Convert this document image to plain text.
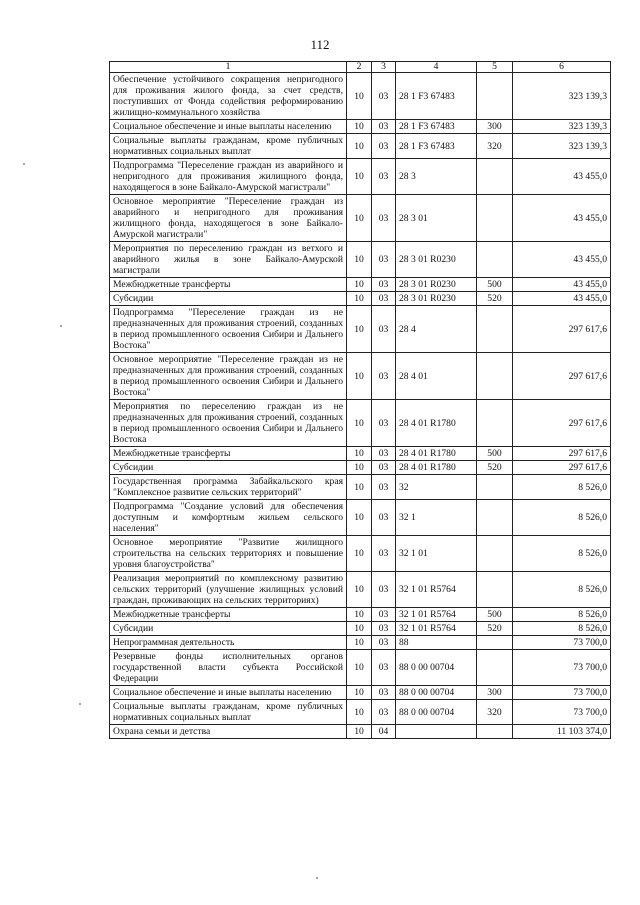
112
1	2	3	4	5	6
Обеспечение устойчивого сокращения непригодного для проживания жилого фонда, за счет средств, поступивших от Фонда содействия реформированию жилищно-коммунального хозяйства	10	03	28 1 F3 67483		323 139,3
Социальное обеспечение и иные выплаты населению	10	03	28 1 F3 67483	300	323 139,3
Социальные выплаты гражданам, кроме публичных нормативных социальных выплат	10	03	28 1 F3 67483	320	323 139,3
Подпрограмма "Переселение граждан из аварийного и непригодного для проживания жилищного фонда, находящегося в зоне Байкало-Амурской магистрали"	10	03	28 3		43 455,0
Основное мероприятие "Переселение граждан из аварийного и непригодного для проживания жилищного фонда, находящегося в зоне Байкало-Амурской магистрали"	10	03	28 3 01		43 455,0
Мероприятия по переселению граждан из ветхого и аварийного жилья в зоне Байкало-Амурской магистрали	10	03	28 3 01 R0230		43 455,0
Межбюджетные трансферты	10	03	28 3 01 R0230	500	43 455,0
Субсидии	10	03	28 3 01 R0230	520	43 455,0
Подпрограмма "Переселение граждан из не предназначенных для проживания строений, созданных в период промышленного освоения Сибири и Дальнего Востока"	10	03	28 4		297 617,6
Основное мероприятие "Переселение граждан из не предназначенных для проживания строений, созданных в период промышленного освоения Сибири и Дальнего Востока"	10	03	28 4 01		297 617,6
Мероприятия по переселению граждан из не предназначенных для проживания строений, созданных в период промышленного освоения Сибири и Дальнего Востока	10	03	28 4 01 R1780		297 617,6
Межбюджетные трансферты	10	03	28 4 01 R1780	500	297 617,6
Субсидии	10	03	28 4 01 R1780	520	297 617,6
Государственная программа Забайкальского края "Комплексное развитие сельских территорий"	10	03	32		8 526,0
Подпрограмма "Создание условий для обеспечения доступным и комфортным жильем сельского населения"	10	03	32 1		8 526,0
Основное мероприятие "Развитие жилищного строительства на сельских территориях и повышение уровня благоустройства"	10	03	32 1 01		8 526,0
Реализация мероприятий по комплексному развитию сельских территорий (улучшение жилищных условий граждан, проживающих на сельских территориях)	10	03	32 1 01 R5764		8 526,0
Межбюджетные трансферты	10	03	32 1 01 R5764	500	8 526,0
Субсидии	10	03	32 1 01 R5764	520	8 526,0
Непрограммная деятельность	10	03	88		73 700,0
Резервные фонды исполнительных органов государственной власти субъекта Российской Федерации	10	03	88 0 00 00704		73 700,0
Социальное обеспечение и иные выплаты населению	10	03	88 0 00 00704	300	73 700,0
Социальные выплаты гражданам, кроме публичных нормативных социальных выплат	10	03	88 0 00 00704	320	73 700,0
Охрана семьи и детства	10	04			11 103 374,0
